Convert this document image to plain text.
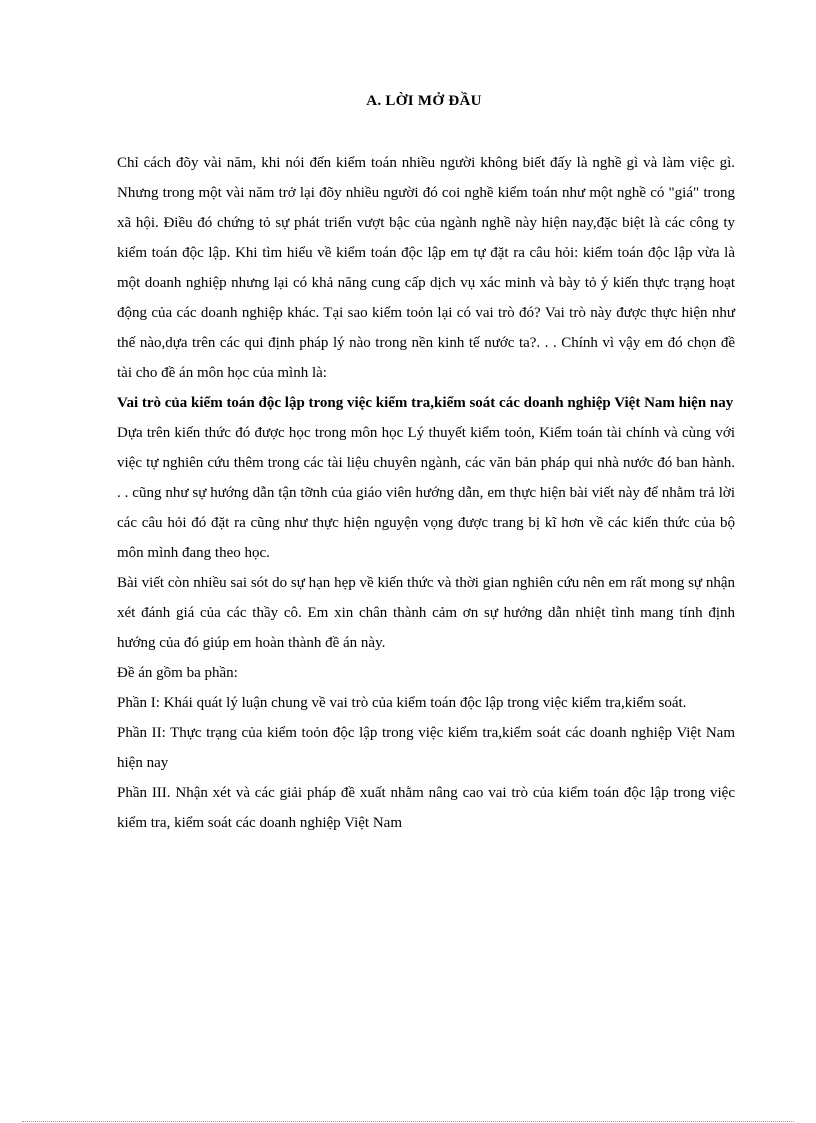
A. LỜI MỞ ĐẦU

Chỉ cách đõy vài năm, khi nói đến kiểm toán nhiều người không biết đấy là nghề gì và làm việc gì. Nhưng trong một vài năm trở lại đõy nhiều người đó coi nghề kiểm toán như một nghề có "giá" trong xã hội. Điều đó chứng tỏ sự phát triển vượt bậc của ngành nghề này hiện nay,đặc biệt là các công ty kiểm toán độc lập. Khi tìm hiểu về kiểm toán độc lập em tự đặt ra câu hỏi: kiểm toán độc lập vừa là một doanh nghiệp nhưng lại có khả năng cung cấp dịch vụ xác minh và bày tỏ ý kiến thực trạng hoạt động của các doanh nghiệp khác. Tại sao kiểm toỏn lại có vai trò đó? Vai trò này được thực hiện như thế nào,dựa trên các qui định pháp lý nào trong nền kinh tế nước ta?. . . Chính vì vậy em đó chọn đề tài cho đề án môn học của mình là:

Vai trò của kiểm toán độc lập trong việc kiểm tra,kiểm soát các doanh nghiệp Việt Nam hiện nay

Dựa trên kiến thức đó được học trong môn học Lý thuyết kiểm toỏn, Kiểm toán tài chính và cùng với việc tự nghiên cứu thêm trong các tài liệu chuyên ngành, các văn bản pháp qui nhà nước đó ban hành. . . cũng như sự hướng dẫn tận tỡnh của giáo viên hướng dẫn, em thực hiện bài viết này để nhằm trả lời các câu hỏi đó đặt ra cũng như thực hiện nguyện vọng được trang bị kĩ hơn về các kiến thức của bộ môn mình đang theo học.

Bài viết còn nhiều sai sót do sự hạn hẹp về kiến thức và thời gian nghiên cứu nên em rất mong sự nhận xét đánh giá của các thầy cô. Em xin chân thành cảm ơn sự hướng dẫn nhiệt tình mang tính định hướng của đó giúp em hoàn thành đề án này.

Đề án gồm ba phần:

Phần I: Khái quát lý luận chung về vai trò của kiểm toán độc lập trong việc kiểm tra,kiểm soát.

Phần II: Thực trạng của kiểm toỏn độc lập trong việc kiểm tra,kiểm soát các doanh nghiệp Việt Nam hiện nay

Phần III. Nhận xét và các giải pháp đề xuất nhằm nâng cao vai trò của kiểm toán độc lập trong việc kiểm tra, kiểm soát các doanh nghiệp Việt Nam
